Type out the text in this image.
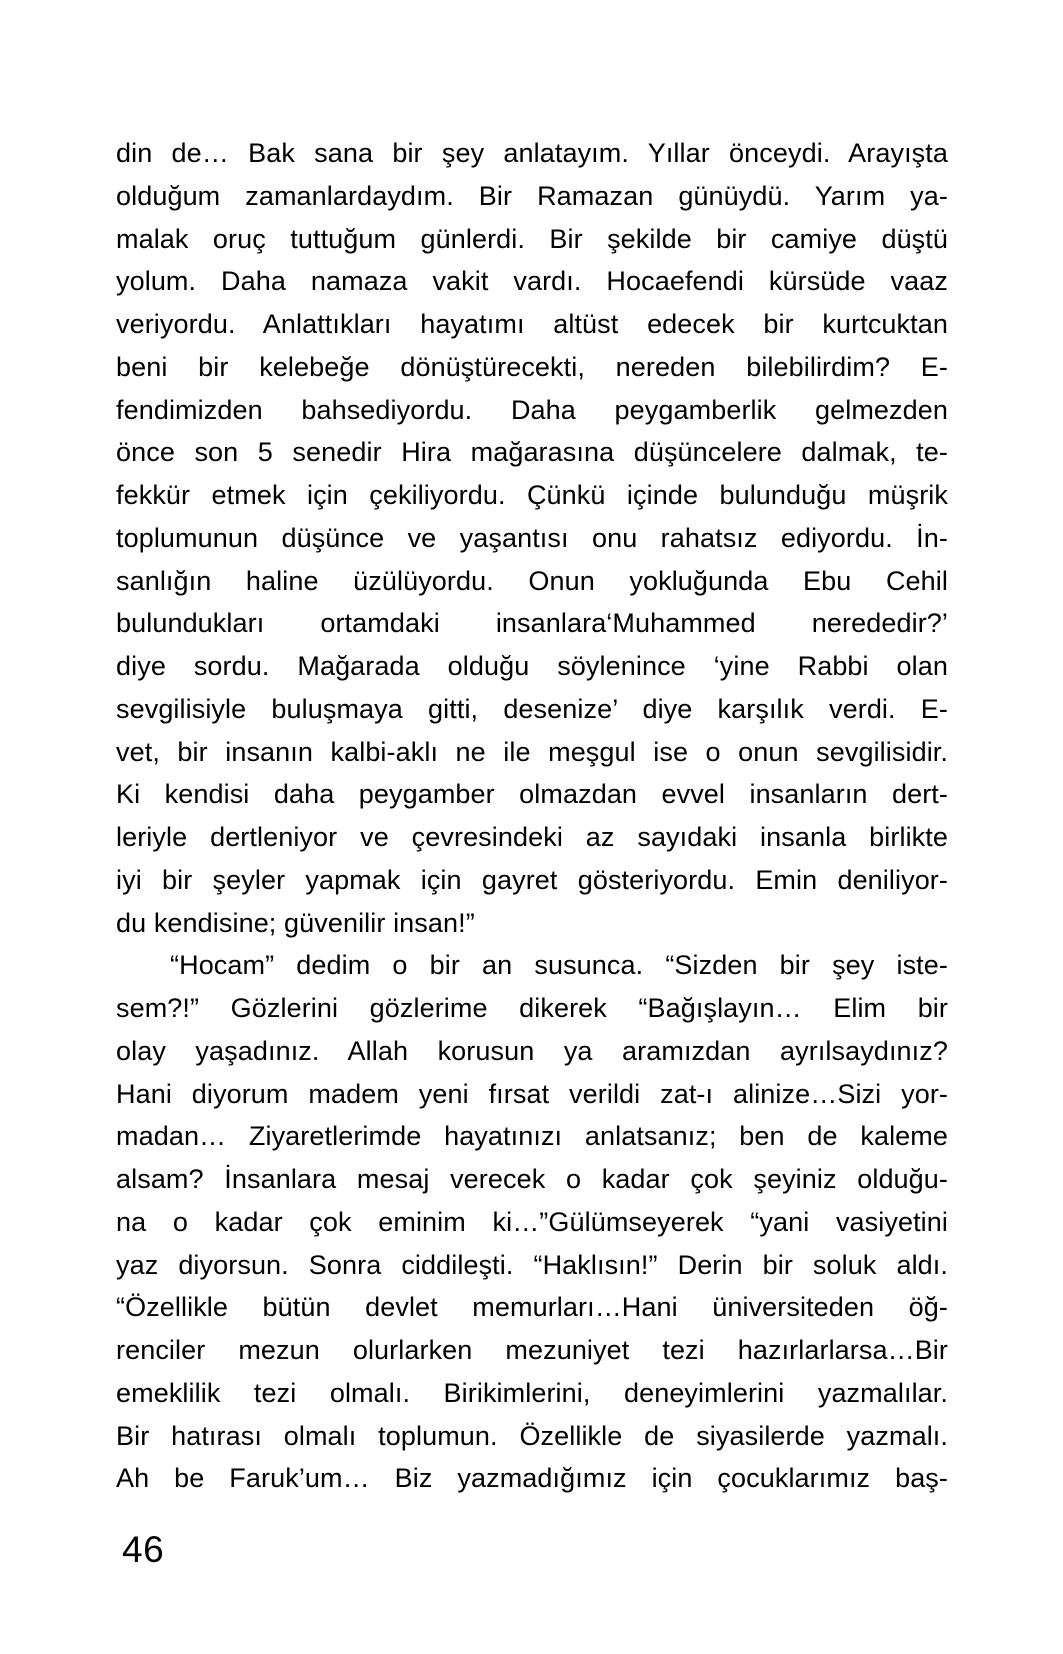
din de… Bak sana bir şey anlatayım. Yıllar önceydi. Arayışta
olduğum zamanlardaydım. Bir Ramazan günüydü. Yarım ya-
malak oruç tuttuğum günlerdi. Bir şekilde bir camiye düştü
yolum. Daha namaza vakit vardı. Hocaefendi kürsüde vaaz
veriyordu. Anlattıkları hayatımı altüst edecek bir kurtcuktan
beni bir kelebeğe dönüştürecekti, nereden bilebilirdim? E-
fendimizden bahsediyordu. Daha peygamberlik gelmezden
önce son 5 senedir Hira mağarasına düşüncelere dalmak, te-
fekkür etmek için çekiliyordu. Çünkü içinde bulunduğu müşrik
toplumunun düşünce ve yaşantısı onu rahatsız ediyordu. İn-
sanlığın haline üzülüyordu. Onun yokluğunda Ebu Cehil
bulundukları ortamdaki insanlara‘Muhammed nerededir?’
diye sordu. Mağarada olduğu söylenince ‘yine Rabbi olan
sevgilisiyle buluşmaya gitti, desenize’ diye karşılık verdi. E-
vet, bir insanın kalbi-aklı ne ile meşgul ise o onun sevgilisidir.
Ki kendisi daha peygamber olmazdan evvel insanların dert-
leriyle dertleniyor ve çevresindeki az sayıdaki insanla birlikte
iyi bir şeyler yapmak için gayret gösteriyordu. Emin deniliyor-
du kendisine; güvenilir insan!”
“Hocam” dedim o bir an susunca. “Sizden bir şey iste-
sem?!” Gözlerini gözlerime dikerek “Bağışlayın… Elim bir
olay yaşadınız. Allah korusun ya aramızdan ayrılsaydınız?
Hani diyorum madem yeni fırsat verildi zat-ı alinize…Sizi yor-
madan… Ziyaretlerimde hayatınızı anlatsanız; ben de kaleme
alsam? İnsanlara mesaj verecek o kadar çok şeyiniz olduğu-
na o kadar çok eminim ki…”Gülümseyerek “yani vasiyetini
yaz diyorsun. Sonra ciddileşti. “Haklısın!” Derin bir soluk aldı.
“Özellikle bütün devlet memurları…Hani üniversiteden öğ-
renciler mezun olurlarken mezuniyet tezi hazırlarlarsa…Bir
emeklilik tezi olmalı. Birikimlerini, deneyimlerini yazmalılar.
Bir hatırası olmalı toplumun. Özellikle de siyasilerde yazmalı.
Ah be Faruk’um… Biz yazmadığımız için çocuklarımız baş-
46
